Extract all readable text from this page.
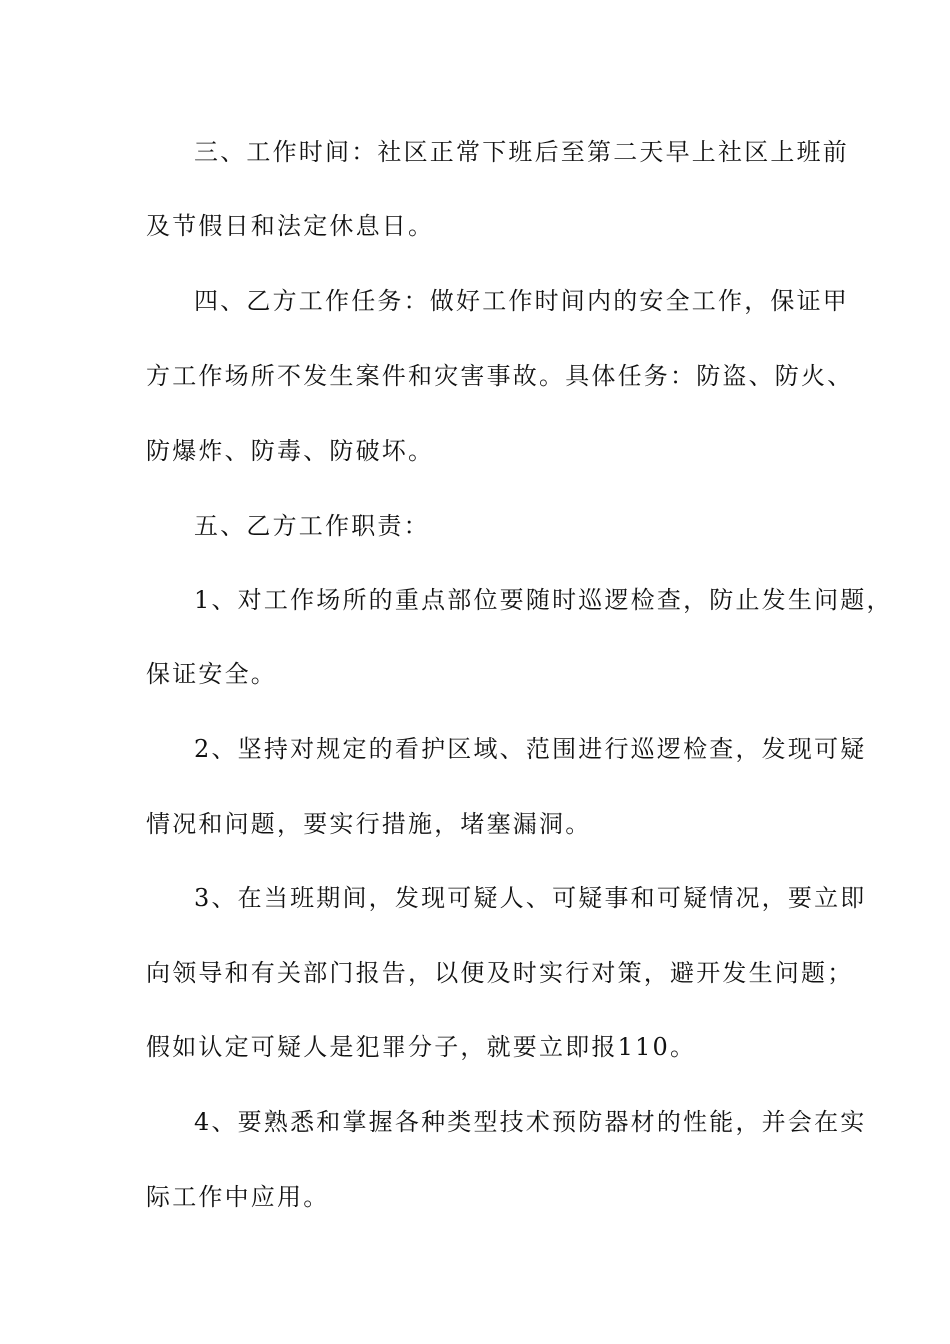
三、工作时间：社区正常下班后至第二天早上社区上班前
及节假日和法定休息日。
四、乙方工作任务：做好工作时间内的安全工作，保证甲
方工作场所不发生案件和灾害事故。具体任务：防盗、防火、
防爆炸、防毒、防破坏。
五、乙方工作职责：
1、对工作场所的重点部位要随时巡逻检查，防止发生问题，
保证安全。
2、坚持对规定的看护区域、范围进行巡逻检查，发现可疑
情况和问题，要实行措施，堵塞漏洞。
3、在当班期间，发现可疑人、可疑事和可疑情况，要立即
向领导和有关部门报告，以便及时实行对策，避开发生问题；
假如认定可疑人是犯罪分子，就要立即报110。
4、要熟悉和掌握各种类型技术预防器材的性能，并会在实
际工作中应用。
